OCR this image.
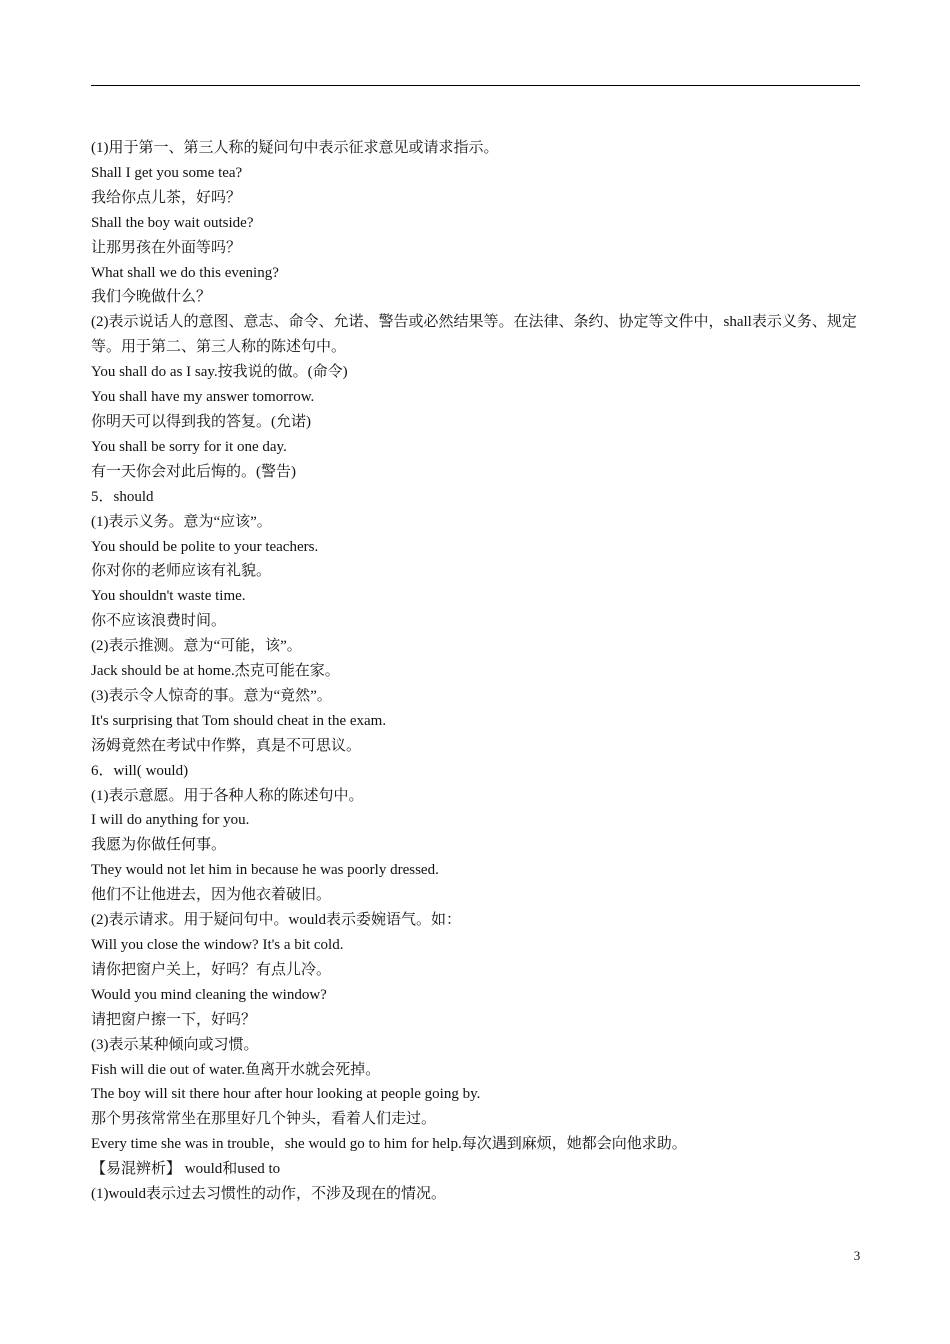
(1)用于第一、第三人称的疑问句中表示征求意见或请求指示。
Shall I get you some tea?
我给你点儿茶，好吗？
Shall the boy wait outside?
让那男孩在外面等吗？
What shall we do this evening?
我们今晚做什么？
(2)表示说话人的意图、意志、命令、允诺、警告或必然结果等。在法律、条约、协定等文件中，shall表示义务、规定等。用于第二、第三人称的陈述句中。
You shall do as I say.按我说的做。(命令)
You shall have my answer tomorrow.
你明天可以得到我的答复。(允诺)
You shall be sorry for it one day.
有一天你会对此后悔的。(警告)
5．should
(1)表示义务。意为“应该”。
You should be polite to your teachers.
你对你的老师应该有礼貌。
You shouldn't waste time.
你不应该浪费时间。
(2)表示推测。意为“可能，该”。
Jack should be at home.杰克可能在家。
(3)表示令人惊奇的事。意为“竟然”。
It's surprising that Tom should cheat in the exam.
汤姆竟然在考试中作弊，真是不可思议。
6．will( would)
(1)表示意愿。用于各种人称的陈述句中。
I will do anything for you.
我愿为你做任何事。
They would not let him in because he was poorly dressed.
他们不让他进去，因为他衣着破旧。
(2)表示请求。用于疑问句中。would表示委婉语气。如：
Will you close the window? It's a bit cold.
请你把窗户关上，好吗？有点儿冷。
Would you mind cleaning the window?
请把窗户擦一下，好吗？
(3)表示某种倾向或习惯。
Fish will die out of water.鱼离开水就会死掉。
The boy will sit there hour after hour looking at people going by.
那个男孩常常坐在那里好几个钟头，看着人们走过。
Every time she was in trouble，she would go to him for help.每次遇到麻烦，她都会向他求助。
【易混辨析】 would和used to
(1)would表示过去习惯性的动作，不涉及现在的情况。
3
